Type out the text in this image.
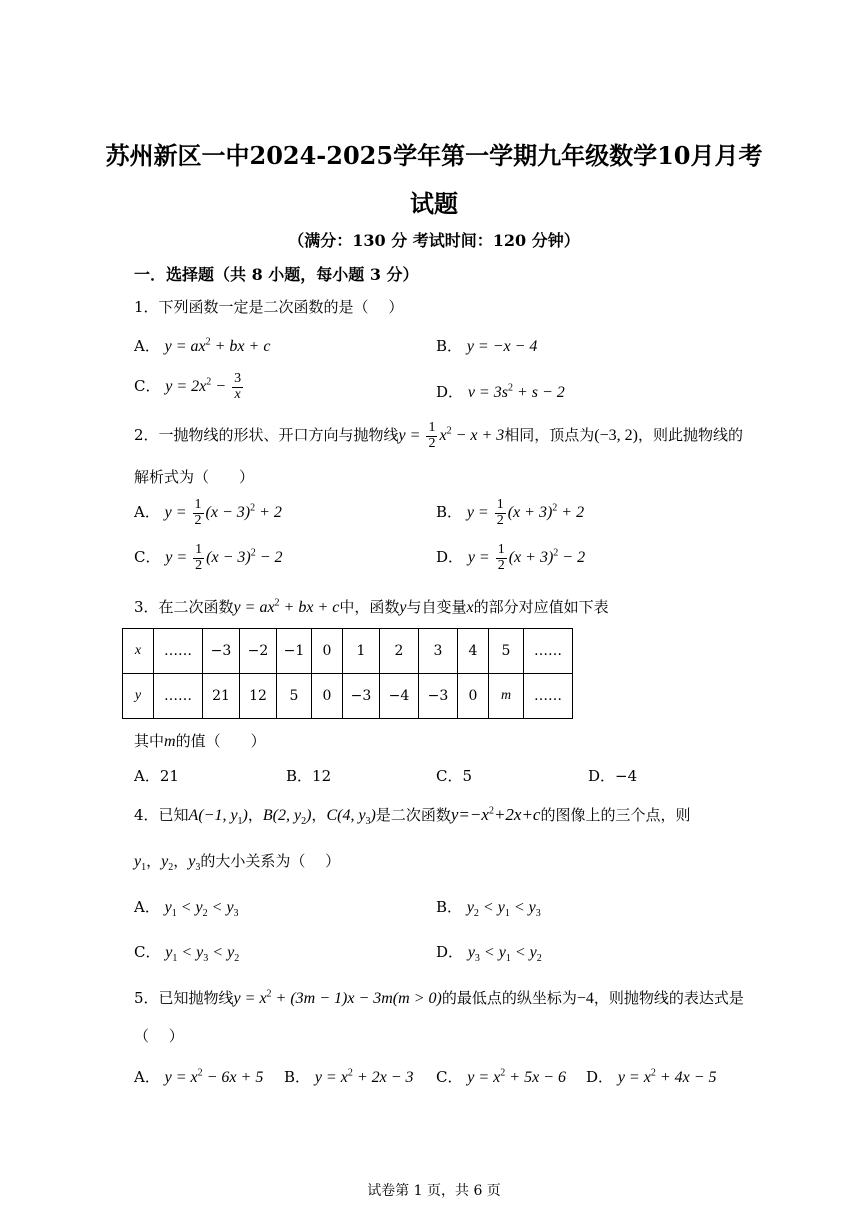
苏州新区一中2024-2025学年第一学期九年级数学10月月考
试题
（满分：130 分 考试时间：120 分钟）
一．选择题（共 8 小题，每小题 3 分）
1．下列函数一定是二次函数的是（　 ）
A． $y = ax^2$ + bx + c	B． y = −x − 4
C． $y = 2x^2 - \frac{3}{x}$	D． $v = 3s^2 + s - 2$
2．一抛物线的形状、开口方向与抛物线$y = \frac{1}{2} x^2 - x + 3$相同，顶点为(−3, 2)，则此抛物线的
解析式为（　　）
A． $y = \frac{1}{2} (x - 3)^2 + 2$	B． $y = \frac{1}{2} (x + 3)^2 + 2$
C． $y = \frac{1}{2} (x - 3)^2 - 2$	D． $y = \frac{1}{2} (x + 3)^2 - 2$
3．在二次函数$y = ax^2$ + bx + c中，函数y与自变量x的部分对应值如下表
x	……	−3	−2	−1	0	1	2	3	4	5	……
y	……	21	12	5	0	−3	−4	−3	0	m	……
其中m的值（　　）
A．21	B．12	C．5	D．−4
4．已知A(−1, $y_1$)，B(2, $y_2$)，C(4, $y_3$)是二次函数$y=-x^2+2x+c$的图像上的三个点，则
$y_1$，$y_2$，$y_3$的大小关系为（　 ）
A． $y_1 < y_2 < y_3$	B． $y_2 < y_1 < y_3$
C． $y_1 < y_3 < y_2$	D． $y_3 < y_1 < y_2$
5．已知抛物线$y = x^2 + (3m - 1)x - 3m(m > 0)$的最低点的纵坐标为−4，则抛物线的表达式是
（　 ）
A． $y = x^2 - 6x + 5$ B． $y = x^2 + 2x - 3$ C． $y = x^2 + 5x - 6$ D． $y = x^2 + 4x - 5$
试卷第 1 页，共 6 页
